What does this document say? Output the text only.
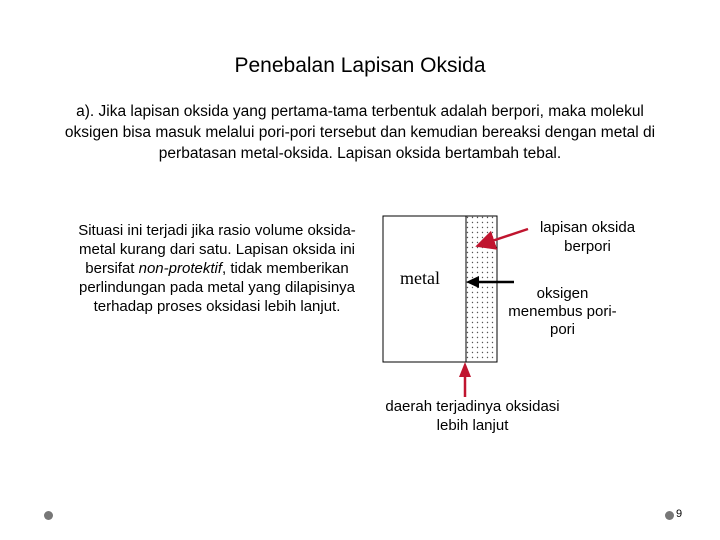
Penebalan Lapisan Oksida
a). Jika lapisan oksida yang pertama-tama terbentuk adalah berpori, maka molekul oksigen bisa masuk melalui pori-pori tersebut dan kemudian bereaksi dengan metal di perbatasan metal-oksida. Lapisan oksida bertambah tebal.
Situasi ini terjadi jika rasio volume oksida-metal kurang dari satu. Lapisan oksida ini bersifat non-protektif, tidak memberikan perlindungan pada metal yang dilapisinya terhadap proses oksidasi lebih lanjut.
metal
lapisan oksida berpori
oksigen menembus pori-pori
daerah terjadinya oksidasi lebih lanjut
9
